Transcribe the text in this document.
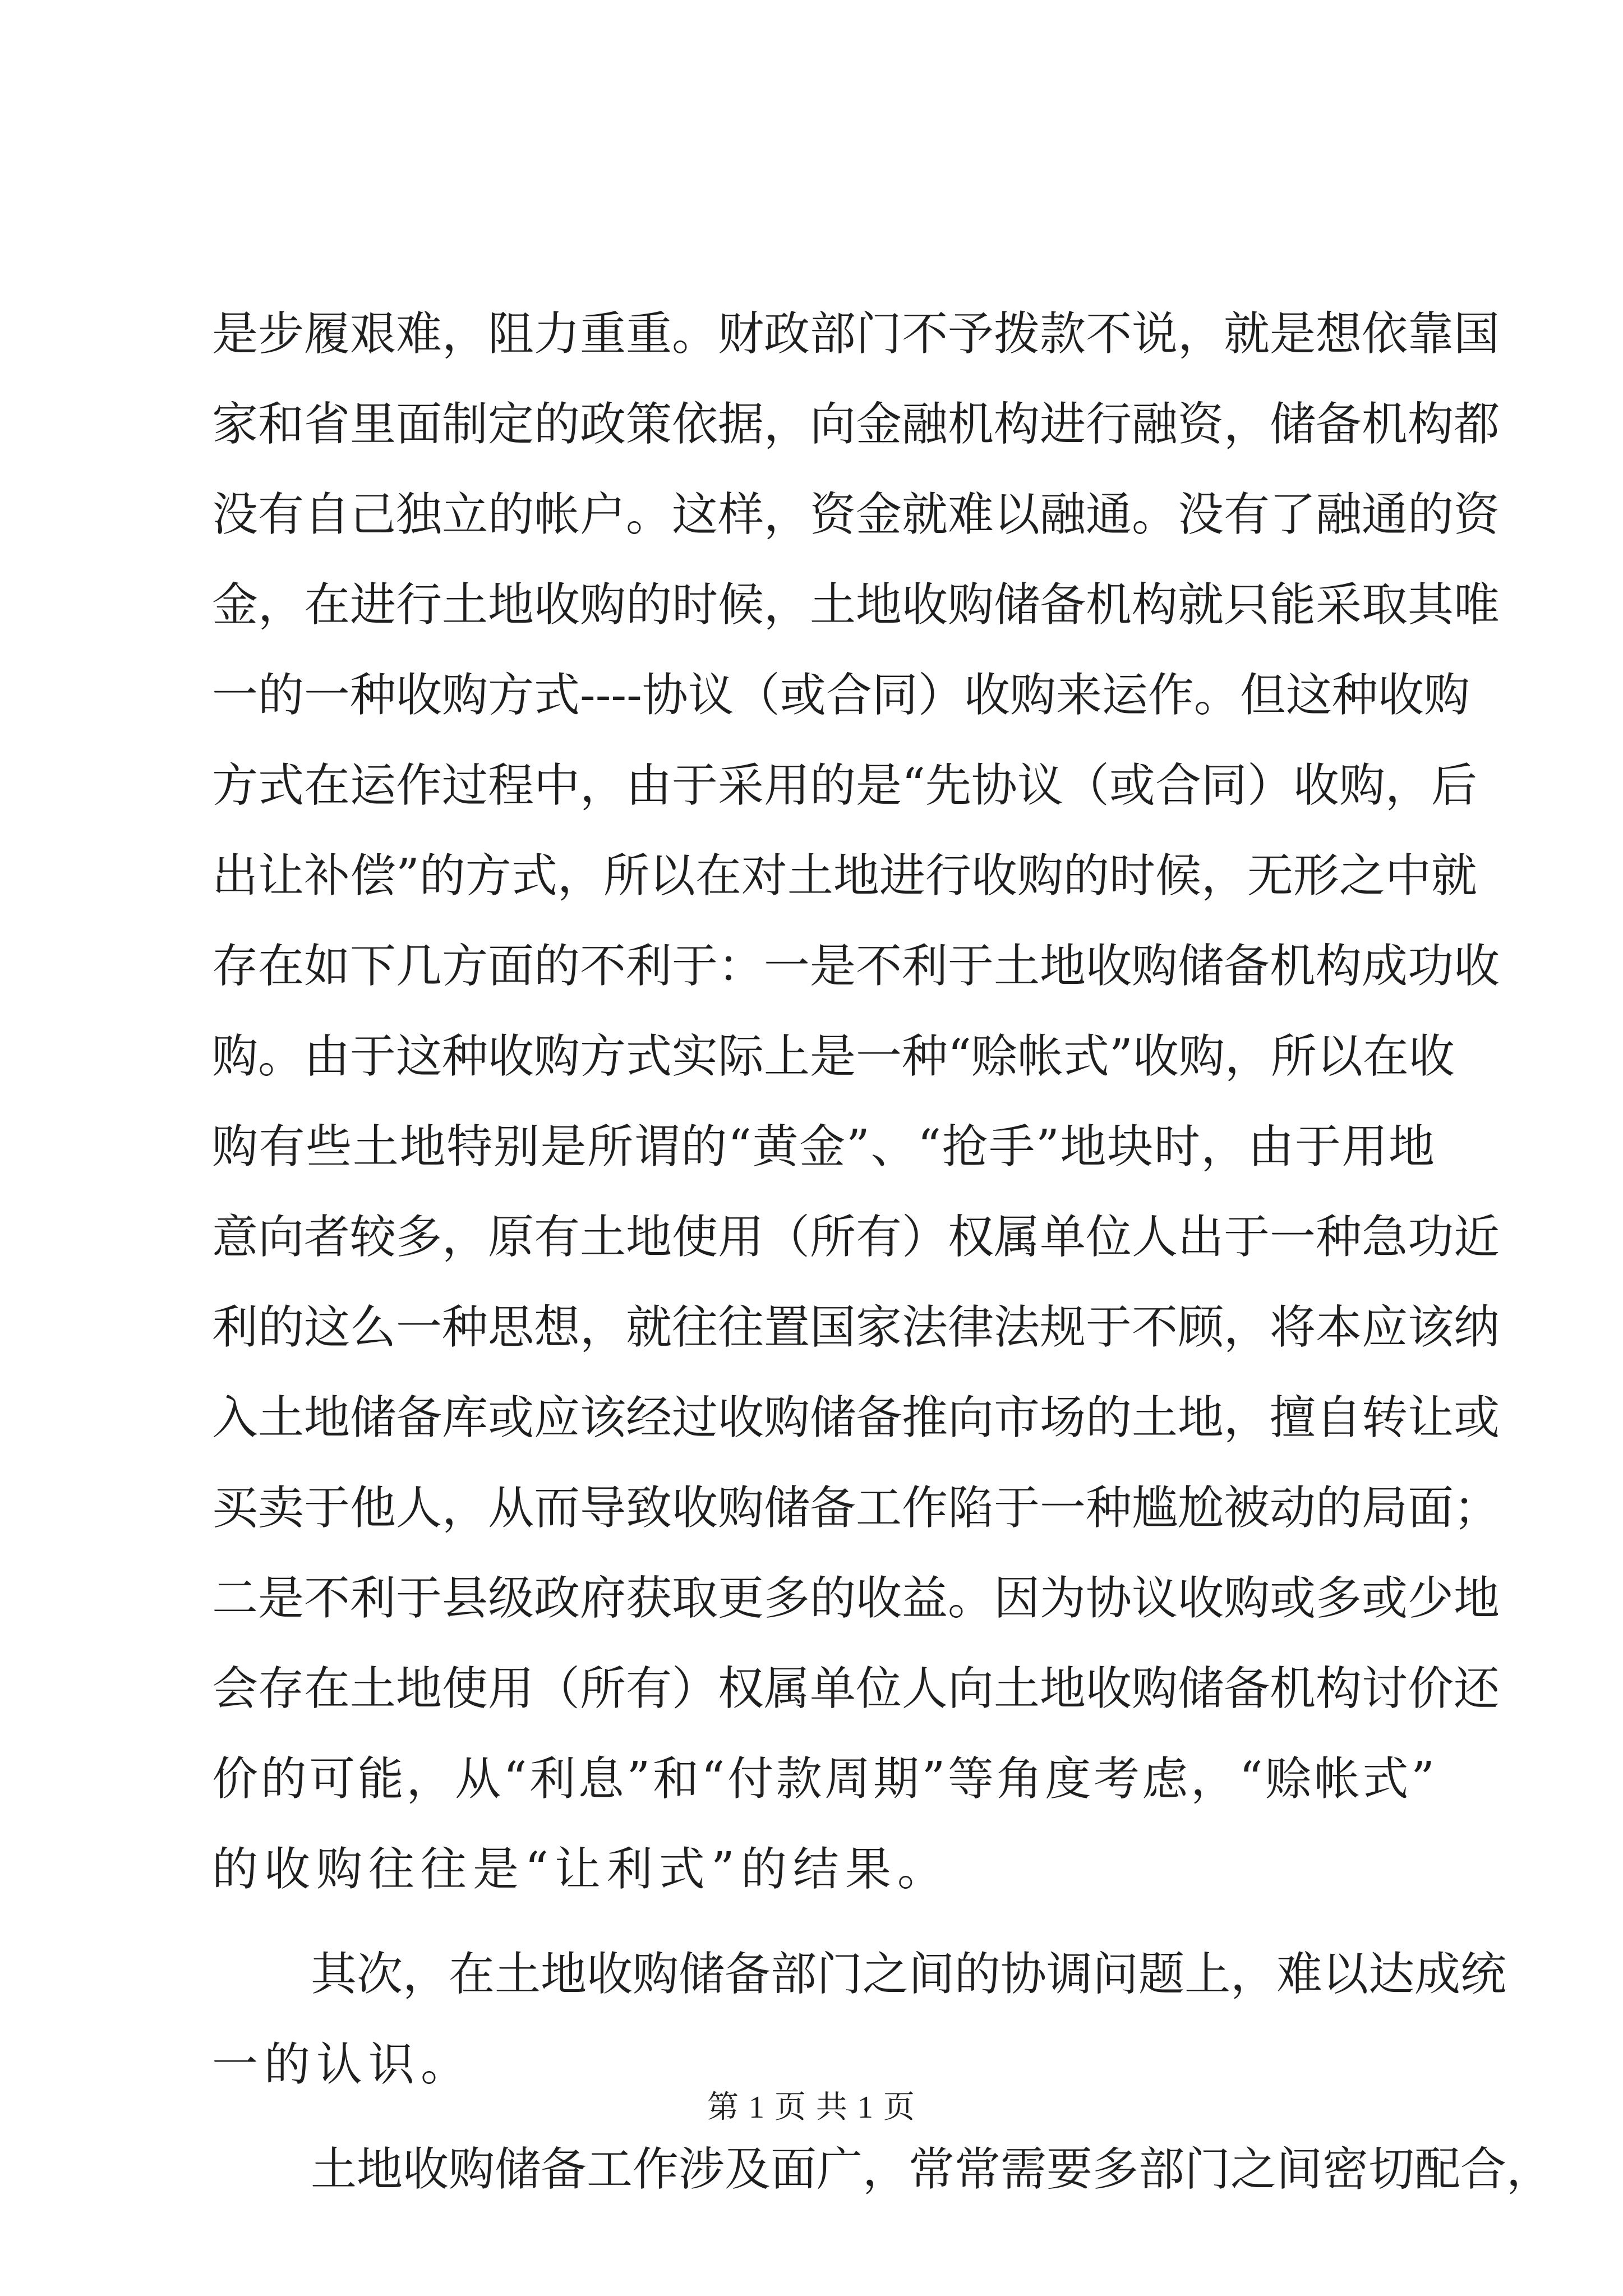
是步履艰难，阻力重重。财政部门不予拨款不说，就是想依靠国
家和省里面制定的政策依据，向金融机构进行融资，储备机构都
没有自己独立的帐户。这样，资金就难以融通。没有了融通的资
金，在进行土地收购的时候，土地收购储备机构就只能采取其唯
一的一种收购方式----协议（或合同）收购来运作。但这种收购
方式在运作过程中，由于采用的是“先协议（或合同）收购，后
出让补偿”的方式，所以在对土地进行收购的时候，无形之中就
存在如下几方面的不利于：一是不利于土地收购储备机构成功收
购。由于这种收购方式实际上是一种“赊帐式”收购，所以在收
购有些土地特别是所谓的“黄金”、“抢手”地块时，由于用地
意向者较多，原有土地使用（所有）权属单位人出于一种急功近
利的这么一种思想，就往往置国家法律法规于不顾，将本应该纳
入土地储备库或应该经过收购储备推向市场的土地，擅自转让或
买卖于他人，从而导致收购储备工作陷于一种尴尬被动的局面；
二是不利于县级政府获取更多的收益。因为协议收购或多或少地
会存在土地使用（所有）权属单位人向土地收购储备机构讨价还
价的可能，从“利息”和“付款周期”等角度考虑，“赊帐式”
的收购往往是“让利式”的结果。
其次，在土地收购储备部门之间的协调问题上，难以达成统
一的认识。
土地收购储备工作涉及面广，常常需要多部门之间密切配合，
第 1 页 共 1 页
